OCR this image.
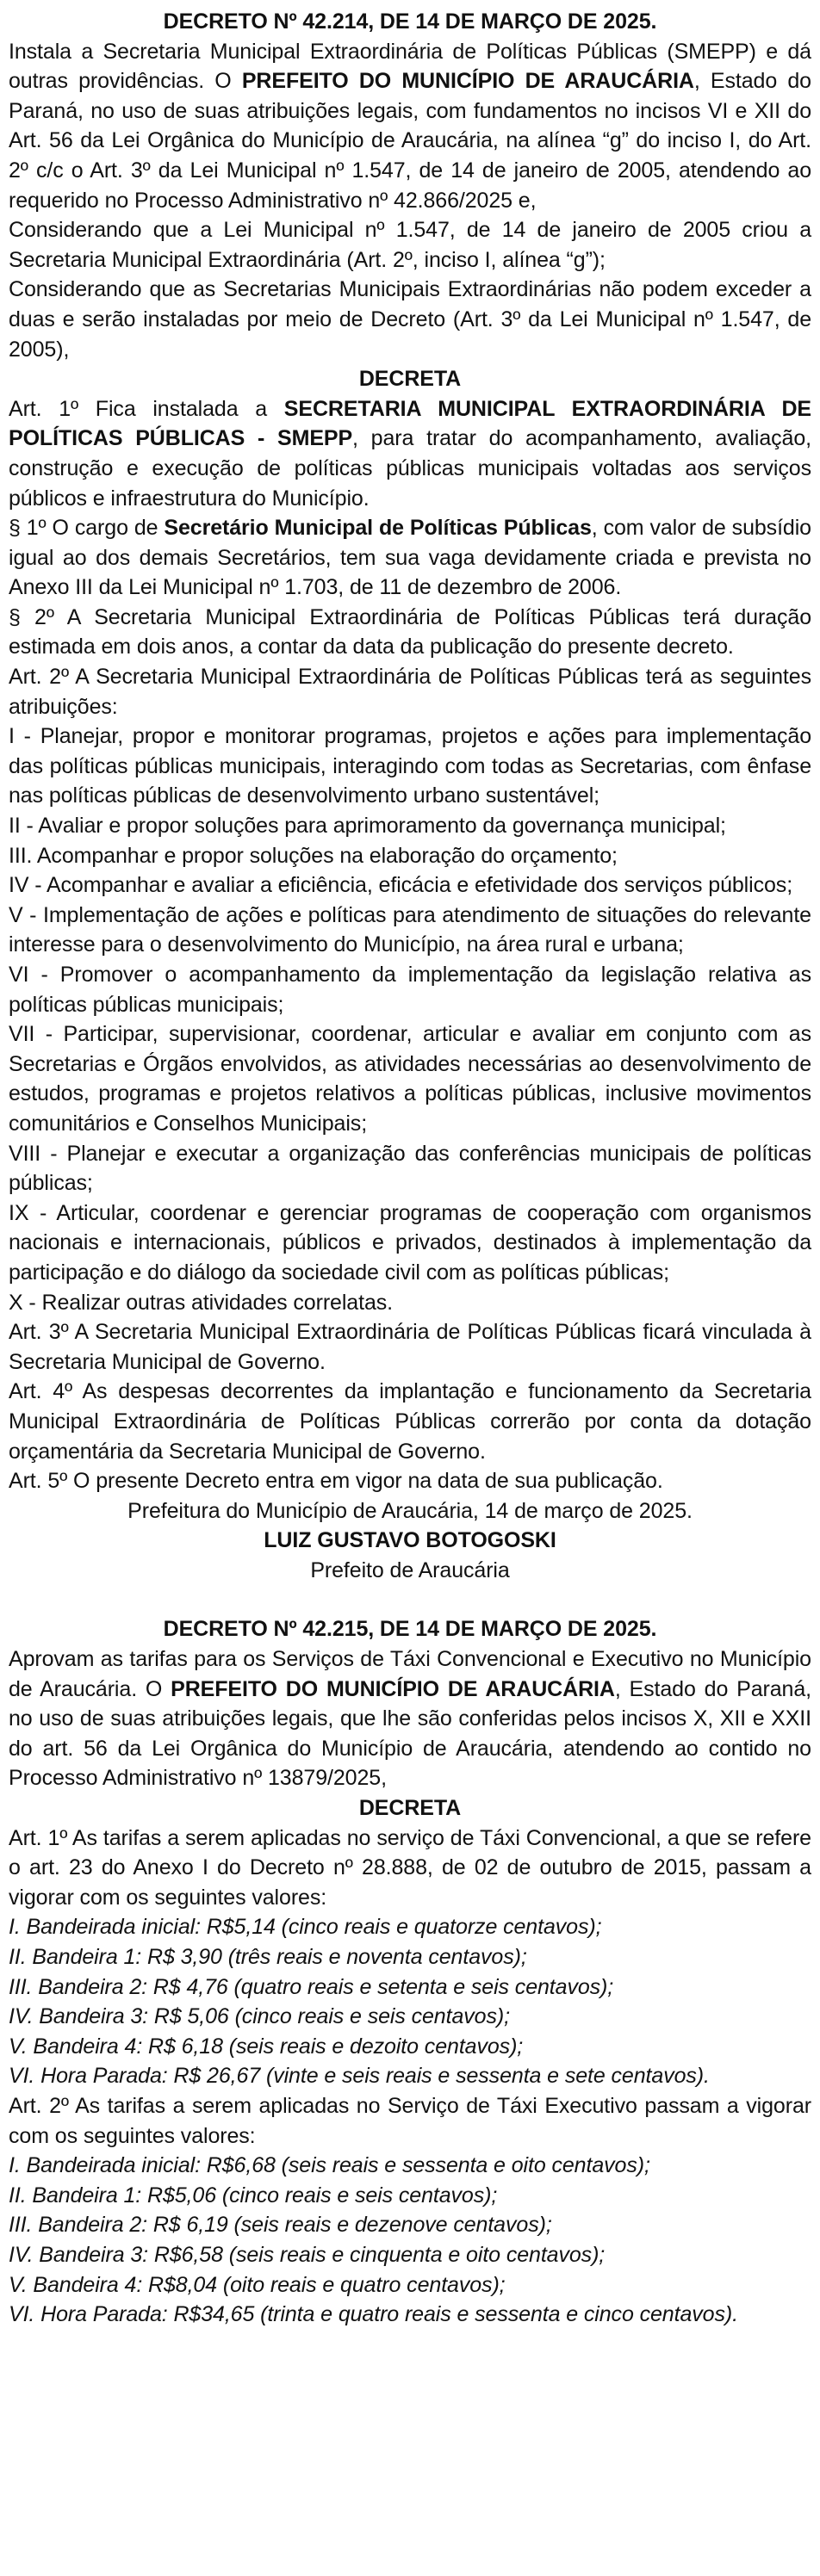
DECRETO Nº 42.214, DE 14 DE MARÇO DE 2025.

Instala a Secretaria Municipal Extraordinária de Políticas Públicas (SMEPP) e dá outras providências. O PREFEITO DO MUNICÍPIO DE ARAUCÁRIA, Estado do Paraná, no uso de suas atribuições legais, com fundamentos no incisos VI e XII do Art. 56 da Lei Orgânica do Município de Araucária, na alínea “g” do inciso I, do Art. 2º c/c o Art. 3º da Lei Municipal nº 1.547, de 14 de janeiro de 2005, atendendo ao requerido no Processo Administrativo nº 42.866/2025 e,

Considerando que a Lei Municipal nº 1.547, de 14 de janeiro de 2005 criou a Secretaria Municipal Extraordinária (Art. 2º, inciso I, alínea “g”);

Considerando que as Secretarias Municipais Extraordinárias não podem exceder a duas e serão instaladas por meio de Decreto (Art. 3º da Lei Municipal nº 1.547, de 2005),

DECRETA

Art. 1º Fica instalada a SECRETARIA MUNICIPAL EXTRAORDINÁRIA DE POLÍTICAS PÚBLICAS - SMEPP, para tratar do acompanhamento, avaliação, construção e execução de políticas públicas municipais voltadas aos serviços públicos e infraestrutura do Município.

§ 1º O cargo de Secretário Municipal de Políticas Públicas, com valor de subsídio igual ao dos demais Secretários, tem sua vaga devidamente criada e prevista no Anexo III da Lei Municipal nº 1.703, de 11 de dezembro de 2006.

§ 2º A Secretaria Municipal Extraordinária de Políticas Públicas terá duração estimada em dois anos, a contar da data da publicação do presente decreto.

Art. 2º A Secretaria Municipal Extraordinária de Políticas Públicas terá as seguintes atribuições:

I - Planejar, propor e monitorar programas, projetos e ações para implementação das políticas públicas municipais, interagindo com todas as Secretarias, com ênfase nas políticas públicas de desenvolvimento urbano sustentável;

II - Avaliar e propor soluções para aprimoramento da governança municipal;

III. Acompanhar e propor soluções na elaboração do orçamento;

IV - Acompanhar e avaliar a eficiência, eficácia e efetividade dos serviços públicos;

V - Implementação de ações e políticas para atendimento de situações do relevante interesse para o desenvolvimento do Município, na área rural e urbana;

VI - Promover o acompanhamento da implementação da legislação relativa as políticas públicas municipais;

VII - Participar, supervisionar, coordenar, articular e avaliar em conjunto com as Secretarias e Órgãos envolvidos, as atividades necessárias ao desenvolvimento de estudos, programas e projetos relativos a políticas públicas, inclusive movimentos comunitários e Conselhos Municipais;

VIII - Planejar e executar a organização das conferências municipais de políticas públicas;

IX - Articular, coordenar e gerenciar programas de cooperação com organismos nacionais e internacionais, públicos e privados, destinados à implementação da participação e do diálogo da sociedade civil com as políticas públicas;

X - Realizar outras atividades correlatas.

Art. 3º A Secretaria Municipal Extraordinária de Políticas Públicas ficará vinculada à Secretaria Municipal de Governo.

Art. 4º As despesas decorrentes da implantação e funcionamento da Secretaria Municipal Extraordinária de Políticas Públicas correrão por conta da dotação orçamentária da Secretaria Municipal de Governo.

Art. 5º O presente Decreto entra em vigor na data de sua publicação.

Prefeitura do Município de Araucária, 14 de março de 2025.

LUIZ GUSTAVO BOTOGOSKI

Prefeito de Araucária

DECRETO Nº 42.215, DE 14 DE MARÇO DE 2025.

Aprovam as tarifas para os Serviços de Táxi Convencional e Executivo no Município de Araucária. O PREFEITO DO MUNICÍPIO DE ARAUCÁRIA, Estado do Paraná, no uso de suas atribuições legais, que lhe são conferidas pelos incisos X, XII e XXII do art. 56 da Lei Orgânica do Município de Araucária, atendendo ao contido no Processo Administrativo nº 13879/2025,

DECRETA

Art. 1º As tarifas a serem aplicadas no serviço de Táxi Convencional, a que se refere o art. 23 do Anexo I do Decreto nº 28.888, de 02 de outubro de 2015, passam a vigorar com os seguintes valores:

I. Bandeirada inicial: R$5,14 (cinco reais e quatorze centavos);

II. Bandeira 1: R$ 3,90 (três reais e noventa centavos);

III. Bandeira 2: R$ 4,76 (quatro reais e setenta e seis centavos);

IV. Bandeira 3: R$ 5,06 (cinco reais e seis centavos);

V. Bandeira 4: R$ 6,18 (seis reais e dezoito centavos);

VI. Hora Parada: R$ 26,67 (vinte e seis reais e sessenta e sete centavos).

Art. 2º As tarifas a serem aplicadas no Serviço de Táxi Executivo passam a vigorar com os seguintes valores:

I. Bandeirada inicial: R$6,68 (seis reais e sessenta e oito centavos);

II. Bandeira 1: R$5,06 (cinco reais e seis centavos);

III. Bandeira 2: R$ 6,19 (seis reais e dezenove centavos);

IV. Bandeira 3: R$6,58 (seis reais e cinquenta e oito centavos);

V. Bandeira 4: R$8,04 (oito reais e quatro centavos);

VI. Hora Parada: R$34,65 (trinta e quatro reais e sessenta e cinco centavos).
